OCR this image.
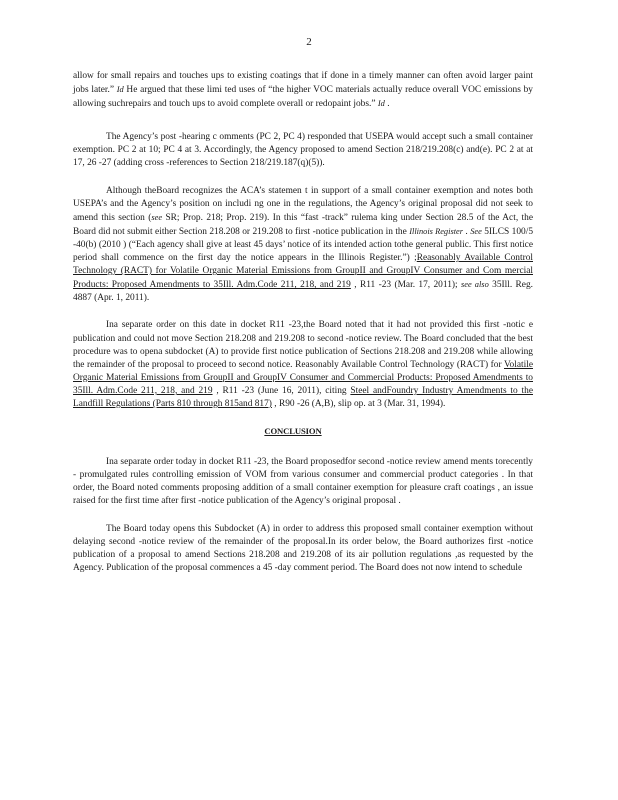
2

allow for small repairs and touches ups to existing coatings that if done in a timely manner can often avoid larger paint jobs later.” Id He argued that these limi ted uses of “the higher VOC materials actually reduce overall VOC emissions by allowing suchrepairs and touch ups to avoid complete overall or redopaint jobs.” Id .

The Agency’s post -hearing c omments (PC 2, PC 4) responded that USEPA would accept such a small container exemption. PC 2 at 10; PC 4 at 3. Accordingly, the Agency proposed to amend Section 218/219.208(c) and(e). PC 2 at at 17, 26 -27 (adding cross -references to Section 218/219.187(q)(5)).

Although theBoard recognizes the ACA’s statemen t in support of a small container exemption and notes both USEPA’s and the Agency’s position on includi ng one in the regulations, the Agency’s original proposal did not seek to amend this section (see SR; Prop. 218; Prop. 219). In this “fast -track” rulema king under Section 28.5 of the Act, the Board did not submit either Section 218.208 or 219.208 to first -notice publication in the Illinois Register . See 5ILCS 100/5 -40(b) (2010 ) (“Each agency shall give at least 45 days’ notice of its intended action tothe general public. This first notice period shall commence on the first day the notice appears in the Illinois Register.”) ;Reasonably Available Control Technology (RACT) for Volatile Organic Material Emissions from GroupII and GroupIV Consumer and Com mercial Products: Proposed Amendments to 35Ill. Adm.Code 211, 218, and 219 , R11 -23 (Mar. 17, 2011); see also 35Ill. Reg. 4887 (Apr. 1, 2011).

Ina separate order on this date in docket R11 -23,the Board noted that it had not provided this first -notic e publication and could not move Section 218.208 and 219.208 to second -notice review. The Board concluded that the best procedure was to opena subdocket (A) to provide first notice publication of Sections 218.208 and 219.208 while allowing the remainder of the proposal to proceed to second notice. Reasonably Available Control Technology (RACT) for Volatile Organic Material Emissions from GroupII and GroupIV Consumer and Commercial Products: Proposed Amendments to 35Ill. Adm.Code 211, 218, and 219 , R11 -23 (June 16, 2011), citing Steel andFoundry Industry Amendments to the Landfill Regulations (Parts 810 through 815and 817) , R90 -26 (A,B), slip op. at 3 (Mar. 31, 1994).

CONCLUSION

Ina separate order today in docket R11 -23, the Board proposedfor second -notice review amend ments torecently - promulgated rules controlling emission of VOM from various consumer and commercial product categories . In that order, the Board noted comments proposing addition of a small container exemption for pleasure craft coatings , an issue raised for the first time after first -notice publication of the Agency’s original proposal .

The Board today opens this Subdocket (A) in order to address this proposed small container exemption without delaying second -notice review of the remainder of the proposal.In its order below, the Board authorizes first -notice publication of a proposal to amend Sections 218.208 and 219.208 of its air pollution regulations ,as requested by the Agency. Publication of the proposal commences a 45 -day comment period. The Board does not now intend to schedule
